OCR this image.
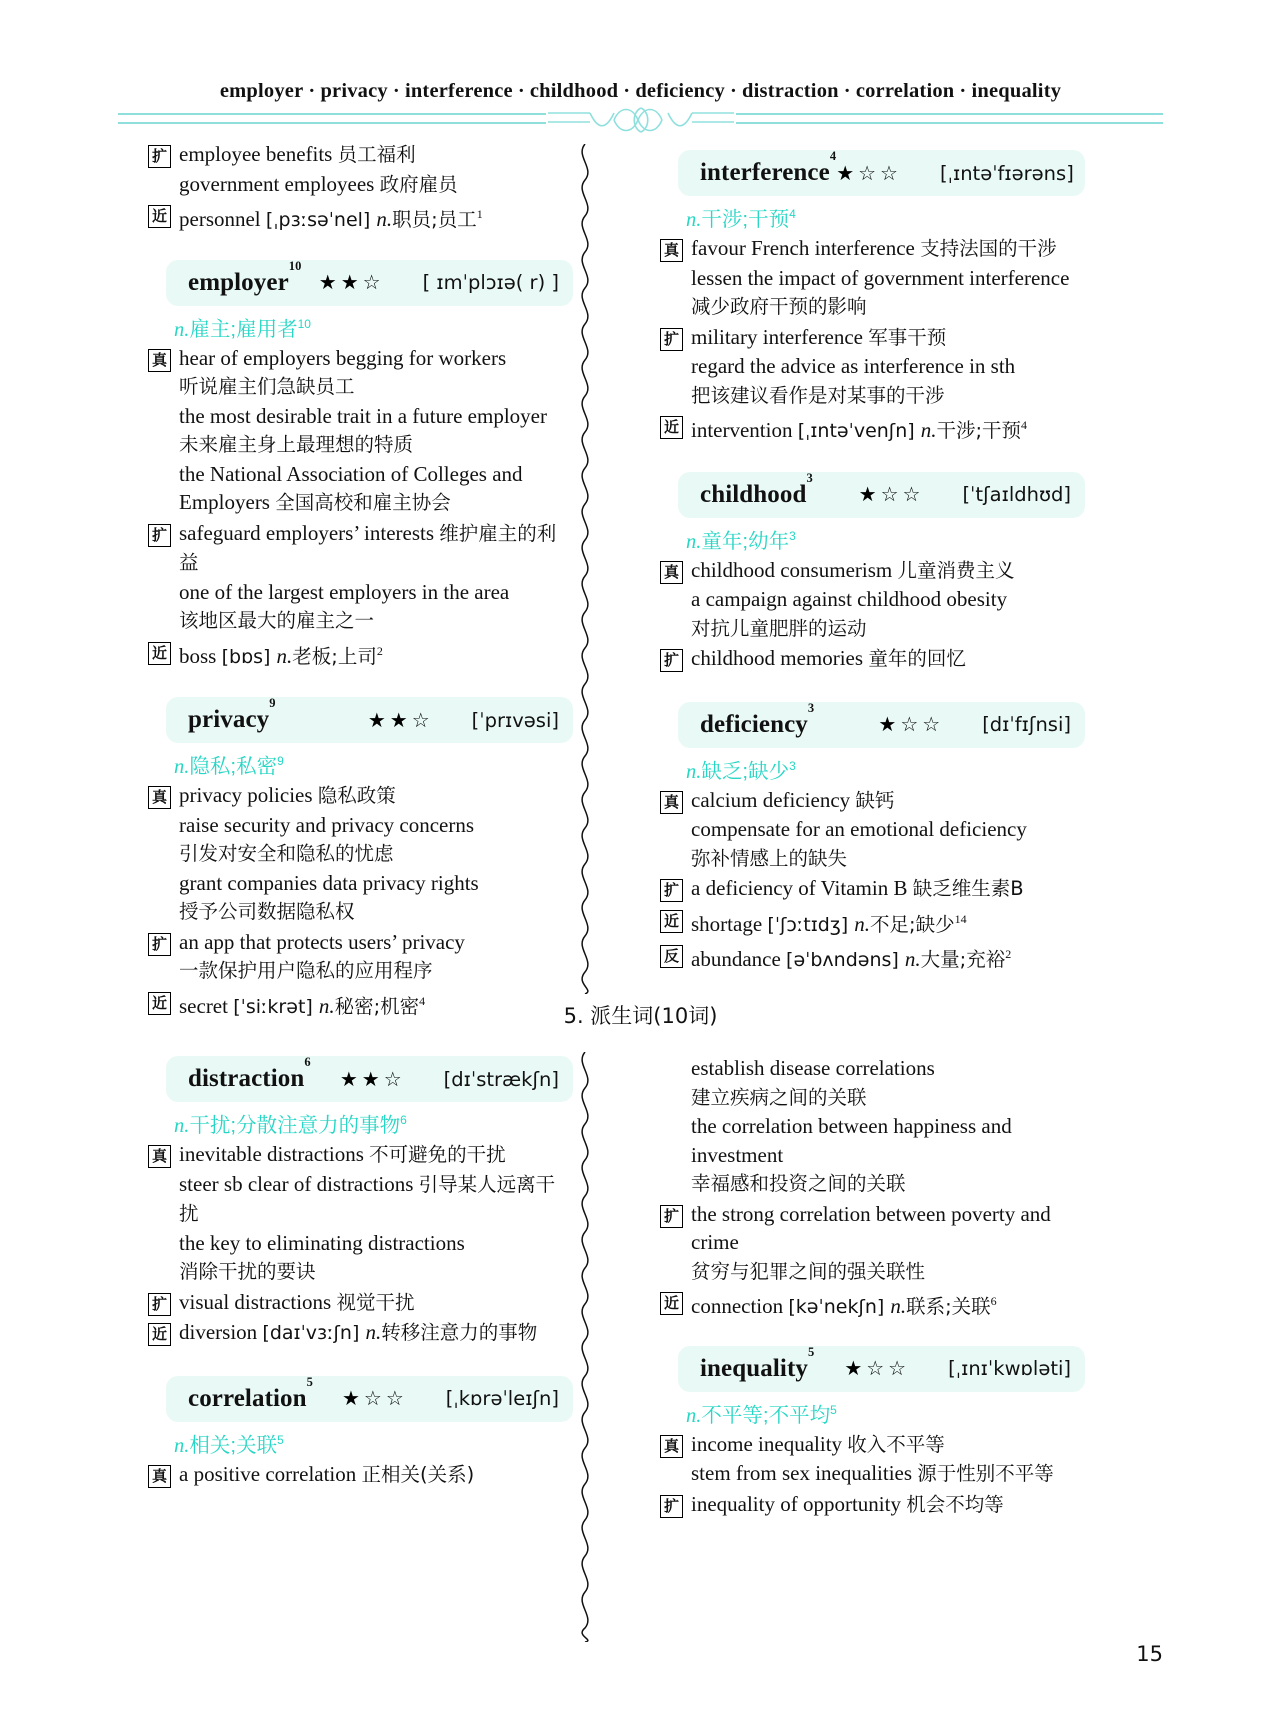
employer · privacy · interference · childhood · deficiency · distraction · correlation · inequality
扩 employee benefits 员工福利
government employees 政府雇员
近 personnel [ˌpɜːsəˈnel] n.职员;员工$^1$
employer$^{10}$
★★☆ [ ɪmˈplɔɪə( r) ]
n.雇主;雇用者$^{10}$
真 hear of employers begging for workers
听说雇主们急缺员工
the most desirable trait in a future employer
未来雇主身上最理想的特质
the National Association of Colleges and
Employers 全国高校和雇主协会
扩 safeguard employers’ interests 维护雇主的利益
one of the largest employers in the area
该地区最大的雇主之一
近 boss [bɒs] n.老板;上司$^2$
privacy$^9$
★★☆ [ˈprɪvəsi]
n.隐私;私密$^9$
真 privacy policies 隐私政策
raise security and privacy concerns
引发对安全和隐私的忧虑
grant companies data privacy rights
授予公司数据隐私权
扩 an app that protects users’ privacy
一款保护用户隐私的应用程序
近 secret [ˈsiːkrət] n.秘密;机密$^4$
interference$^4$
★☆☆ [ˌɪntəˈfɪərəns]
n.干涉;干预$^4$
真 favour French interference 支持法国的干涉
lessen the impact of government interference
减少政府干预的影响
扩 military interference 军事干预
regard the advice as interference in sth
把该建议看作是对某事的干涉
近 intervention [ˌɪntəˈvenʃn] n.干涉;干预$^4$
childhood$^3$
★☆☆ [ˈtʃaɪldhʊd]
n.童年;幼年$^3$
真 childhood consumerism 儿童消费主义
a campaign against childhood obesity
对抗儿童肥胖的运动
扩 childhood memories 童年的回忆
deficiency$^3$
★☆☆ [dɪˈfɪʃnsi]
n.缺乏;缺少$^3$
真 calcium deficiency 缺钙
compensate for an emotional deficiency
弥补情感上的缺失
扩 a deficiency of Vitamin B 缺乏维生素B
近 shortage [ˈʃɔːtɪdʒ] n.不足;缺少$^{14}$
反 abundance [əˈbʌndəns] n.大量;充裕$^2$
5. 派生词(10词)
distraction$^6$
★★☆ [dɪˈstrækʃn]
n.干扰;分散注意力的事物$^6$
真 inevitable distractions 不可避免的干扰
steer sb clear of distractions 引导某人远离干扰
the key to eliminating distractions
消除干扰的要诀
扩 visual distractions 视觉干扰
近 diversion [daɪˈvɜːʃn] n.转移注意力的事物
correlation$^5$
★☆☆ [ˌkɒrəˈleɪʃn]
n.相关;关联$^5$
真 a positive correlation 正相关(关系)
establish disease correlations
建立疾病之间的关联
the correlation between happiness and investment
幸福感和投资之间的关联
扩 the strong correlation between poverty and crime
贫穷与犯罪之间的强关联性
近 connection [kəˈnekʃn] n.联系;关联$^6$
inequality$^5$
★☆☆ [ˌɪnɪˈkwɒləti]
n.不平等;不平均$^5$
真 income inequality 收入不平等
stem from sex inequalities 源于性别不平等
扩 inequality of opportunity 机会不均等
15
